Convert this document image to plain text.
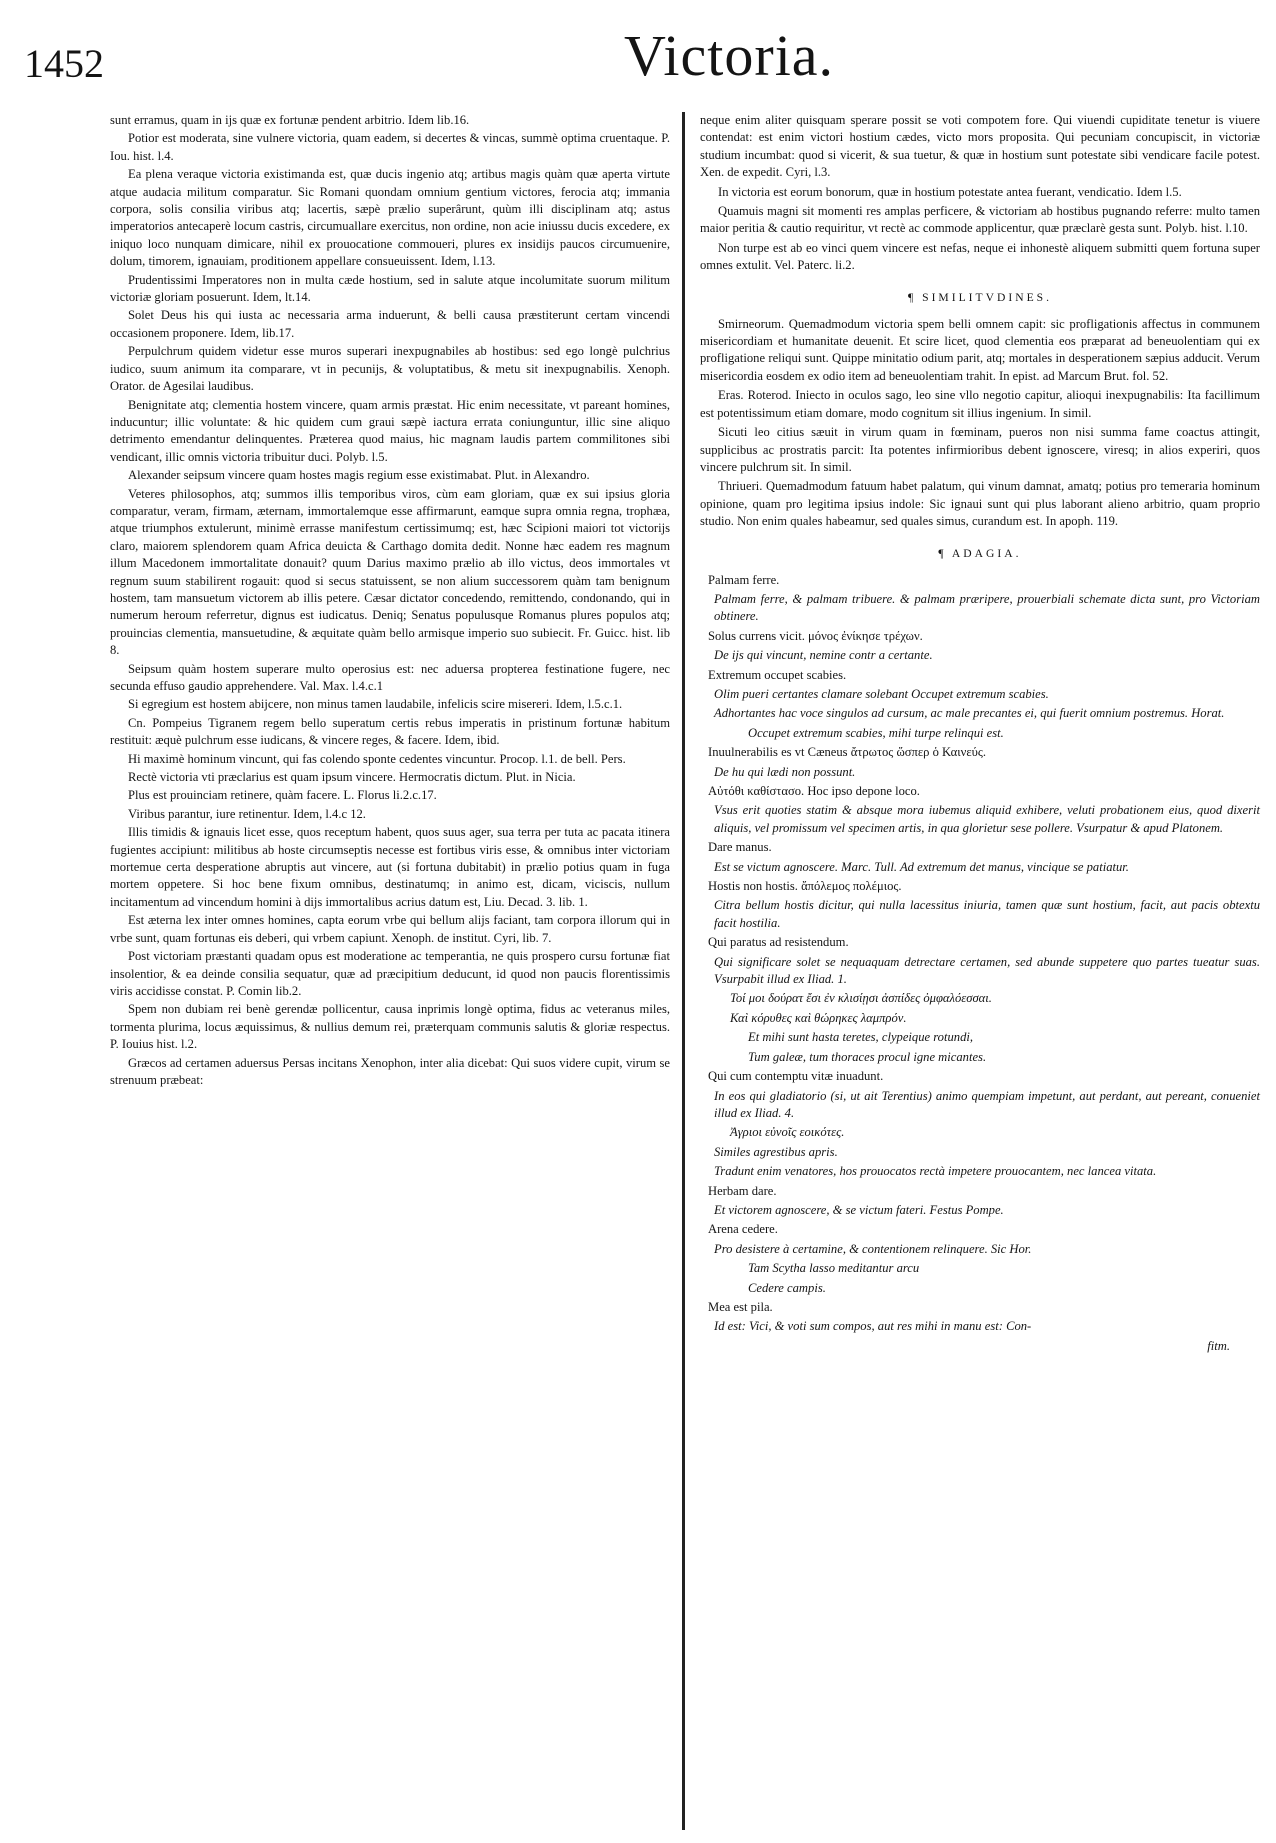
1452	Victoria.

sunt erramus, quam in ijs quæ ex fortunæ pendent arbitrio. Idem lib.16.

Potior est moderata, sine vulnere victoria, quam eadem, si decertes & vincas, summè optima cruentaque. P. Iou. hist. l.4.

Ea plena veraque victoria existimanda est, quæ ducis ingenio atq; artibus magis quàm quæ aperta virtute atque audacia militum comparatur. Sic Romani quondam omnium gentium victores, ferocia atq; immania corpora, solis consilia viribus atq; lacertis, sæpè prælio superârunt, quùm illi disciplinam atq; astus imperatorios antecaperè locum castris, circumuallare exercitus, non ordine, non acie iniussu ducis excedere, ex iniquo loco nunquam dimicare, nihil ex prouocatione commoueri, plures ex insidijs paucos circumuenire, dolum, timorem, ignauiam, proditionem appellare consueuissent. Idem, l.13.

Prudentissimi Imperatores non in multa cæde hostium, sed in salute atque incolumitate suorum militum victoriæ gloriam posuerunt. Idem, lt.14.

Solet Deus his qui iusta ac necessaria arma induerunt, & belli causa præstiterunt certam vincendi occasionem proponere. Idem, lib.17.

Perpulchrum quidem videtur esse muros superari inexpugnabiles ab hostibus: sed ego longè pulchrius iudico, suum animum ita comparare, vt in pecunijs, & voluptatibus, & metu sit inexpugnabilis. Xenoph. Orator. de Agesilai laudibus.

Benignitate atq; clementia hostem vincere, quam armis præstat. Hic enim necessitate, vt pareant homines, inducuntur; illic voluntate: & hic quidem cum graui sæpè iactura errata coniunguntur, illic sine aliquo detrimento emendantur delinquentes. Præterea quod maius, hic magnam laudis partem commilitones sibi vendicant, illic omnis victoria tribuitur duci. Polyb. l.5.

Alexander seipsum vincere quam hostes magis regium esse existimabat. Plut. in Alexandro.

Veteres philosophos, atq; summos illis temporibus viros, cùm eam gloriam, quæ ex sui ipsius gloria comparatur, veram, firmam, æternam, immortalemque esse affirmarunt, eamque supra omnia regna, trophæa, atque triumphos extulerunt, minimè errasse manifestum certissimumq; est, hæc Scipioni maiori tot victorijs claro, maiorem splendorem quam Africa deuicta & Carthago domita dedit. Nonne hæc eadem res magnum illum Macedonem immortalitate donauit? quum Darius maximo prælio ab illo victus, deos immortales vt regnum suum stabilirent rogauit: quod si secus statuissent, se non alium successorem quàm tam benignum hostem, tam mansuetum victorem ab illis petere. Cæsar dictator concedendo, remittendo, condonando, qui in numerum heroum referretur, dignus est iudicatus. Deniq; Senatus populusque Romanus plures populos atq; prouincias clementia, mansuetudine, & æquitate quàm bello armisque imperio suo subiecit. Fr. Guicc. hist. lib 8.

Seipsum quàm hostem superare multo operosius est: nec aduersa propterea festinatione fugere, nec secunda effuso gaudio apprehendere. Val. Max. l.4.c.1

Si egregium est hostem abijcere, non minus tamen laudabile, infelicis scire misereri. Idem, l.5.c.1.

Cn. Pompeius Tigranem regem bello superatum certis rebus imperatis in pristinum fortunæ habitum restituit: æquè pulchrum esse iudicans, & vincere reges, & facere. Idem, ibid.

Hi maximè hominum vincunt, qui fas colendo sponte cedentes vincuntur. Procop. l.1. de bell. Pers.

Rectè victoria vti præclarius est quam ipsum vincere. Hermocratis dictum. Plut. in Nicia.

Plus est prouinciam retinere, quàm facere. L. Florus li.2.c.17.

Viribus parantur, iure retinentur. Idem, l.4.c 12.

Illis timidis & ignauis licet esse, quos receptum habent, quos suus ager, sua terra per tuta ac pacata itinera fugientes accipiunt: militibus ab hoste circumseptis necesse est fortibus viris esse, & omnibus inter victoriam mortemue certa desperatione abruptis aut vincere, aut (si fortuna dubitabit) in prælio potius quam in fuga mortem oppetere. Si hoc bene fixum omnibus, destinatumq; in animo est, dicam, viciscis, nullum incitamentum ad vincendum homini à dijs immortalibus acrius datum est, Liu. Decad. 3. lib. 1.

Est æterna lex inter omnes homines, capta eorum vrbe qui bellum alijs faciant, tam corpora illorum qui in vrbe sunt, quam fortunas eis deberi, qui vrbem capiunt. Xenoph. de institut. Cyri, lib. 7.

Post victoriam præstanti quadam opus est moderatione ac temperantia, ne quis prospero cursu fortunæ fiat insolentior, & ea deinde consilia sequatur, quæ ad præcipitium deducunt, id quod non paucis florentissimis viris accidisse constat. P. Comin lib.2.

Spem non dubiam rei benè gerendæ pollicentur, causa inprimis longè optima, fidus ac veteranus miles, tormenta plurima, locus æquissimus, & nullius demum rei, præterquam communis salutis & gloriæ respectus. P. Iouius hist. l.2.

Græcos ad certamen aduersus Persas incitans Xenophon, inter alia dicebat: Qui suos videre cupit, virum se strenuum præbeat:

neque enim aliter quisquam sperare possit se voti compotem fore. Qui viuendi cupiditate tenetur is viuere contendat: est enim victori hostium cædes, victo mors proposita. Qui pecuniam concupiscit, in victoriæ studium incumbat: quod si vicerit, & sua tuetur, & quæ in hostium sunt potestate sibi vendicare facile potest. Xen. de expedit. Cyri, l.3.

In victoria est eorum bonorum, quæ in hostium potestate antea fuerant, vendicatio. Idem l.5.

Quamuis magni sit momenti res amplas perficere, & victoriam ab hostibus pugnando referre: multo tamen maior peritia & cautio requiritur, vt rectè ac commode applicentur, quæ præclarè gesta sunt. Polyb. hist. l.10.

Non turpe est ab eo vinci quem vincere est nefas, neque ei inhonestè aliquem submitti quem fortuna super omnes extulit. Vel. Paterc. li.2.

¶ SIMILITVDINES.

Smirneorum. Quemadmodum victoria spem belli omnem capit: sic profligationis affectus in communem misericordiam et humanitate deuenit. Et scire licet, quod clementia eos præparat ad beneuolentiam qui ex profligatione reliqui sunt. Quippe minitatio odium parit, atq; mortales in desperationem sæpius adducit. Verum misericordia eosdem ex odio item ad beneuolentiam trahit. In epist. ad Marcum Brut. fol. 52.

Eras. Roterod. Iniecto in oculos sago, leo sine vllo negotio capitur, alioqui inexpugnabilis: Ita facillimum est potentissimum etiam domare, modo cognitum sit illius ingenium. In simil.

Sicuti leo citius sæuit in virum quam in fœminam, pueros non nisi summa fame coactus attingit, supplicibus ac prostratis parcit: Ita potentes infirmioribus debent ignoscere, viresq; in alios experiri, quos vincere pulchrum sit. In simil.

Thriueri. Quemadmodum fatuum habet palatum, qui vinum damnat, amatq; potius pro temeraria hominum opinione, quam pro legitima ipsius indole: Sic ignaui sunt qui plus laborant alieno arbitrio, quam proprio studio. Non enim quales habeamur, sed quales simus, curandum est. In apoph. 119.

¶ ADAGIA.

Palmam ferre.

Palmam ferre, & palmam tribuere. & palmam præripere, prouerbiali schemate dicta sunt, pro Victoriam obtinere.

Solus currens vicit. μόνος ἐνίκησε τρέχων.

De ijs qui vincunt, nemine contr a certante.

Extremum occupet scabies.

Olim pueri certantes clamare solebant Occupet extremum scabies.

Adhortantes hac voce singulos ad cursum, ac male precantes ei, qui fuerit omnium postremus. Horat.

Occupet extremum scabies, mihi turpe relinqui est.

Inuulnerabilis es vt Cæneus ἄτρωτος ὥσπερ ὁ Καινεύς.

De hu qui lædi non possunt.

Αὐτόθι καθίστασο. Hoc ipso depone loco.

Vsus erit quoties statim & absque mora iubemus aliquid exhibere, veluti probationem eius, quod dixerit aliquis, vel promissum vel specimen artis, in qua glorietur sese pollere. Vsurpatur & apud Platonem.

Dare manus.

Est se victum agnoscere. Marc. Tull. Ad extremum det manus, vincique se patiatur.

Hostis non hostis. ἄπόλεμος πολέμιος.

Citra bellum hostis dicitur, qui nulla lacessitus iniuria, tamen quæ sunt hostium, facit, aut pacis obtextu facit hostilia.

Qui paratus ad resistendum.

Qui significare solet se nequaquam detrectare certamen, sed abunde suppetere quo partes tueatur suas. Vsurpabit illud ex Iliad. 1.

Τοί μοι δούρατ ἔσι ἐν κλισίῃσι ἀσπίδες ὀμφαλόεσσαι.

Καὶ κόρυθες καὶ θώρηκες λαμπρόν.

Et mihi sunt hasta teretes, clypeique rotundi,

Tum galeæ, tum thoraces procul igne micantes.

Qui cum contemptu vitæ inuadunt.

In eos qui gladiatorio (si, ut ait Terentius) animo quempiam impetunt, aut perdant, aut pereant, conueniet illud ex Iliad. 4.

Ἀγριοι εὐνοῖς εοικότες.

Similes agrestibus apris.

Tradunt enim venatores, hos prouocatos rectà impetere prouocantem, nec lancea vitata.

Herbam dare.

Et victorem agnoscere, & se victum fateri. Festus Pompe.

Arena cedere.

Pro desistere à certamine, & contentionem relinquere. Sic Hor.

Tam Scytha lasso meditantur arcu

Cedere campis.

Mea est pila.

Id est: Vici, & voti sum compos, aut res mihi in manu est: Con-

fitm.
